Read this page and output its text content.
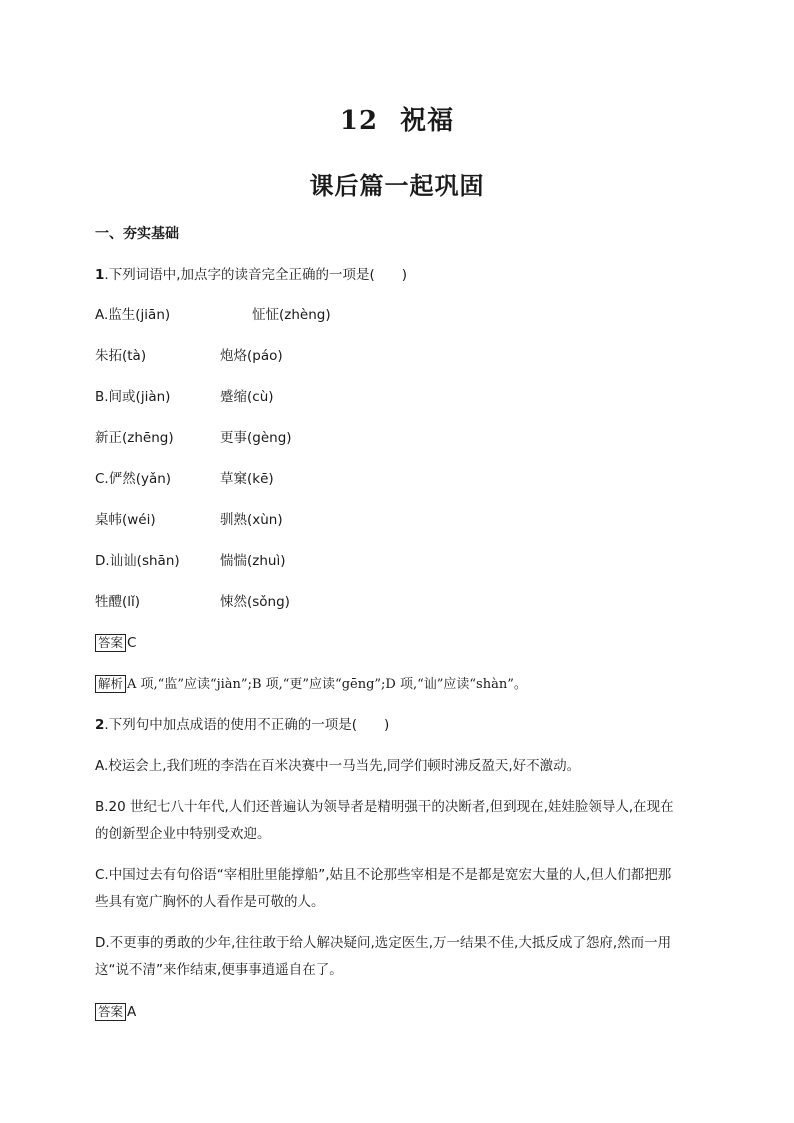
12 祝福
课后篇一起巩固
一、夯实基础
1.下列词语中,加点字的读音完全正确的一项是(　　)
A.监生(jiān)	怔怔(zhèng)
朱拓(tà)	炮烙(páo)
B.间或(jiàn)	蹙缩(cù)
新正(zhēng)	更事(gèng)
C.俨然(yǎn)	草窠(kē)
桌帏(wéi)	驯熟(xùn)
D.讪讪(shān)	惴惴(zhuì)
牲醴(lǐ)	悚然(sǒng)
答案 C
解析 A 项,“监”应读“jiàn”;B 项,“更”应读“gēng”;D 项,“讪”应读“shàn”。
2.下列句中加点成语的使用不正确的一项是(　　)
A.校运会上,我们班的李浩在百米决赛中一马当先,同学们顿时沸反盈天,好不激动。
B.20 世纪七八十年代,人们还普遍认为领导者是精明强干的决断者,但到现在,娃娃脸领导人,在现在
的创新型企业中特别受欢迎。
C.中国过去有句俗语“宰相肚里能撑船”,姑且不论那些宰相是不是都是宽宏大量的人,但人们都把那
些具有宽广胸怀的人看作是可敬的人。
D.不更事的勇敢的少年,往往敢于给人解决疑问,选定医生,万一结果不佳,大抵反成了怨府,然而一用
这“说不清”来作结束,便事事逍遥自在了。
答案 A
